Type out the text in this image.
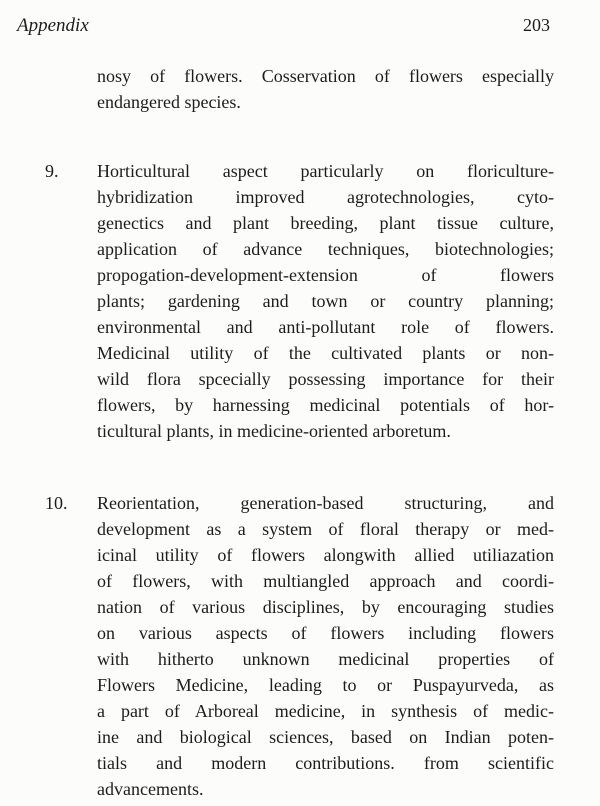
Appendix	203
nosy of flowers. Cosservation of flowers especially
endangered species.
9.	Horticultural aspect particularly on floriculture-
hybridization improved agrotechnologies, cyto-
genectics and plant breeding, plant tissue culture,
application of advance techniques, biotechnologies;
propogation-development-extension of flowers
plants; gardening and town or country planning;
environmental and anti-pollutant role of flowers.
Medicinal utility of the cultivated plants or non-
wild flora spcecially possessing importance for their
flowers, by harnessing medicinal potentials of hor-
ticultural plants, in medicine-oriented arboretum.
10.	Reorientation, generation-based structuring, and
development as a system of floral therapy or med-
icinal utility of flowers alongwith allied utiliazation
of flowers, with multiangled approach and coordi-
nation of various disciplines, by encouraging studies
on various aspects of flowers including flowers
with hitherto unknown medicinal properties of
Flowers Medicine, leading to or Puspayurveda, as
a part of Arboreal medicine, in synthesis of medic-
ine and biological sciences, based on Indian poten-
tials and modern contributions. from scientific
advancements.
